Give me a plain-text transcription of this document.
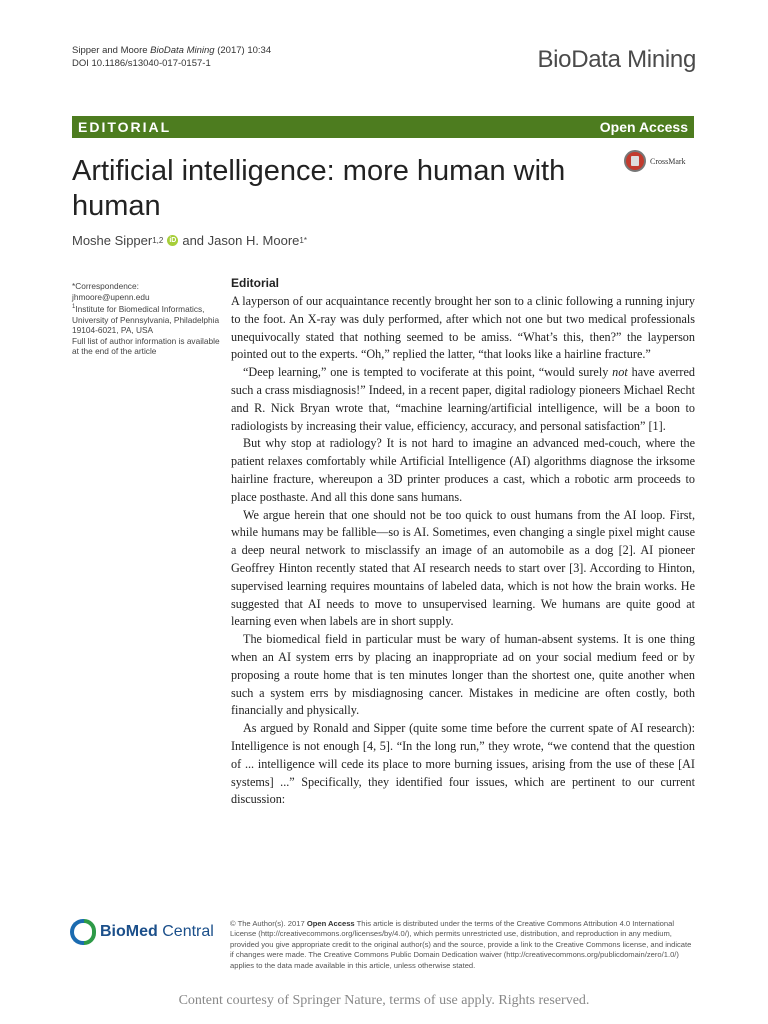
Sipper and Moore BioData Mining (2017) 10:34
DOI 10.1186/s13040-017-0157-1	BioData Mining
EDITORIAL	Open Access
Artificial intelligence: more human with human
CrossMark
Moshe Sipper 1,2 iD and Jason H. Moore 1*

*Correspondence:

jhmoore@upenn.edu

$^1$Institute for Biomedical Informatics, University of Pennsylvania, Philadelphia 19104-6021, PA, USA

Full list of author information is available at the end of the article

Editorial

A layperson of our acquaintance recently brought her son to a clinic following a running injury to the foot. An X-ray was duly performed, after which not one but two medical professionals unequivocally stated that nothing seemed to be amiss. “What’s this, then?” the layperson pointed out to the experts. “Oh,” replied the latter, “that looks like a hairline fracture.”

“Deep learning,” one is tempted to vociferate at this point, “would surely not have averred such a crass misdiagnosis!” Indeed, in a recent paper, digital radiology pioneers Michael Recht and R. Nick Bryan wrote that, “machine learning/artificial intelligence, will be a boon to radiologists by increasing their value, efficiency, accuracy, and personal satisfaction” [1].

But why stop at radiology? It is not hard to imagine an advanced med-couch, where the patient relaxes comfortably while Artificial Intelligence (AI) algorithms diagnose the irksome hairline fracture, whereupon a 3D printer produces a cast, which a robotic arm proceeds to place posthaste. And all this done sans humans.

We argue herein that one should not be too quick to oust humans from the AI loop. First, while humans may be fallible—so is AI. Sometimes, even changing a single pixel might cause a deep neural network to misclassify an image of an automobile as a dog [2]. AI pioneer Geoffrey Hinton recently stated that AI research needs to start over [3]. According to Hinton, supervised learning requires mountains of labeled data, which is not how the brain works. He suggested that AI needs to move to unsupervised learning. We humans are quite good at learning even when labels are in short supply.

The biomedical field in particular must be wary of human-absent systems. It is one thing when an AI system errs by placing an inappropriate ad on your social medium feed or by proposing a route home that is ten minutes longer than the shortest one, quite another when such a system errs by misdiagnosing cancer. Mistakes in medicine are often costly, both financially and physically.

As argued by Ronald and Sipper (quite some time before the current spate of AI research): Intelligence is not enough [4, 5]. “In the long run,” they wrote, “we contend that the question of ... intelligence will cede its place to more burning issues, arising from the use of these [AI systems] ...” Specifically, they identified four issues, which are pertinent to our current discussion:

BioMed Central © The Author(s). 2017 Open Access This article is distributed under the terms of the Creative Commons Attribution 4.0 International License (http://creativecommons.org/licenses/by/4.0/), which permits unrestricted use, distribution, and reproduction in any medium, provided you give appropriate credit to the original author(s) and the source, provide a link to the Creative Commons license, and indicate if changes were made. The Creative Commons Public Domain Dedication waiver (http://creativecommons.org/publicdomain/zero/1.0/) applies to the data made available in this article, unless otherwise stated.
Content courtesy of Springer Nature, terms of use apply. Rights reserved.
